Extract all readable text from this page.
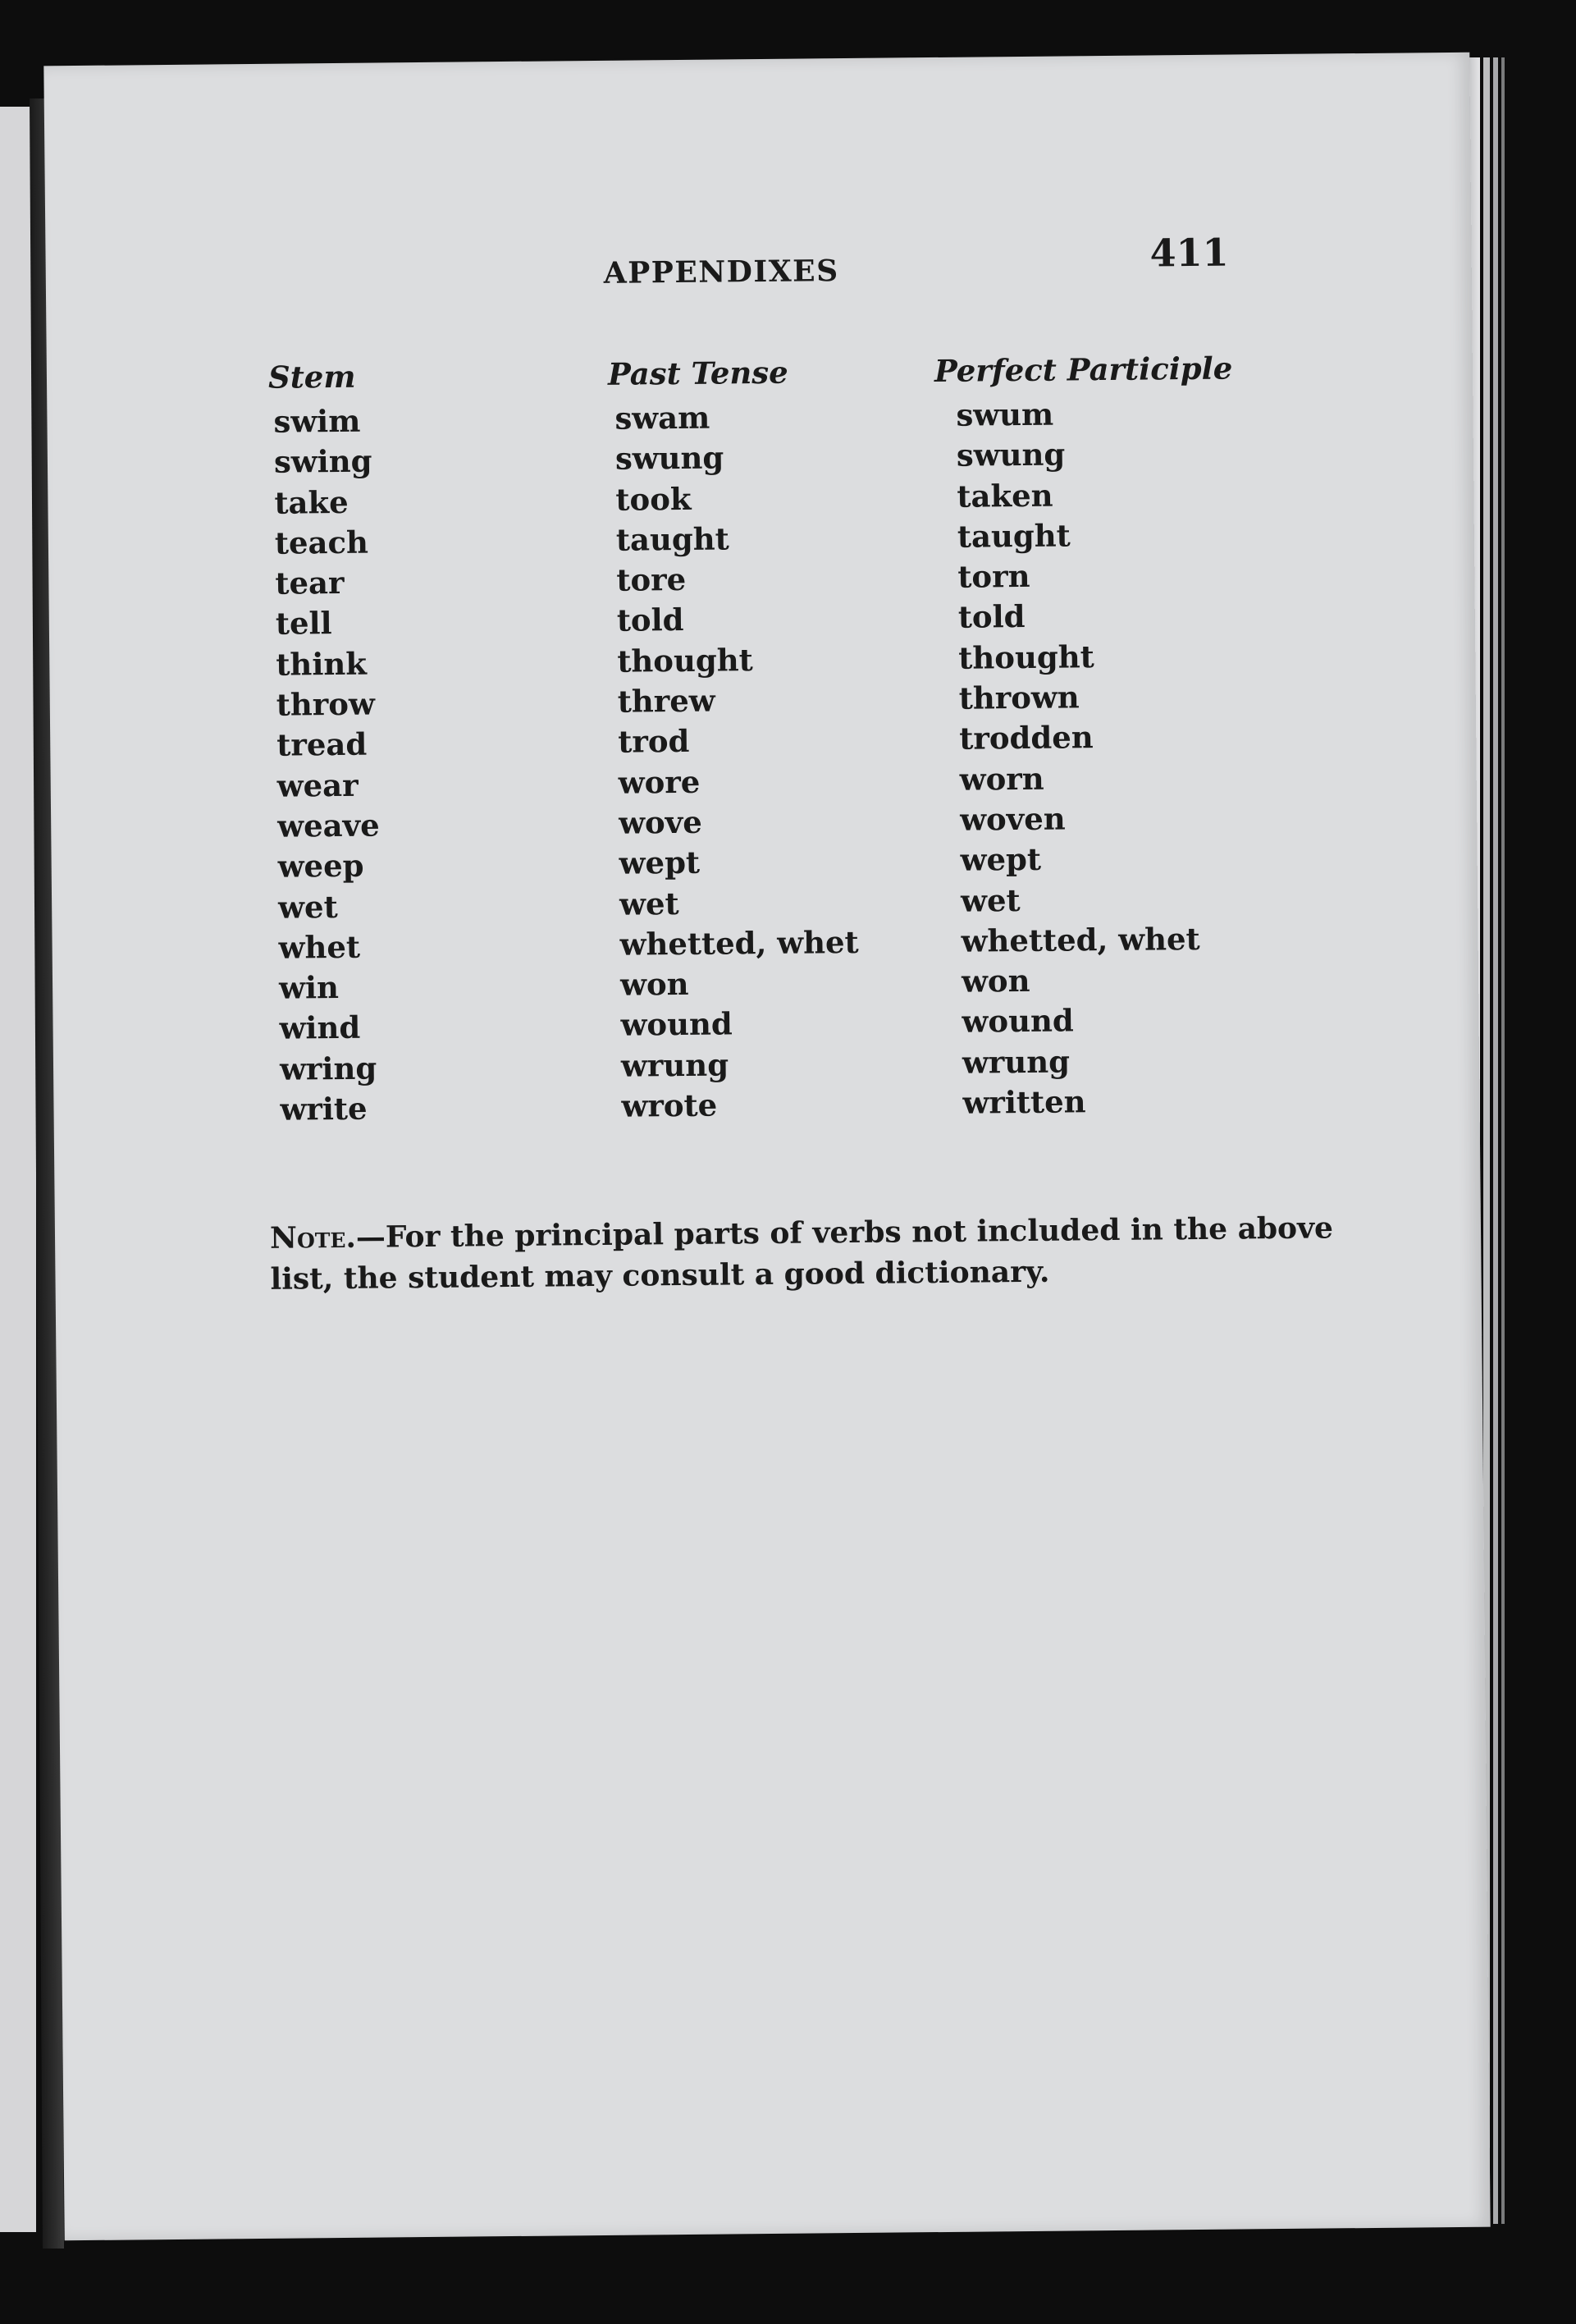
APPENDIXES	411
Stem
swim
swing
take
teach
tear
tell
think
throw
tread
wear
weave
weep
wet
whet
win
wind
wring
write
Past Tense
swam
swung
took
taught
tore
told
thought
threw
trod
wore
wove
wept
wet
whetted, whet
won
wound
wrung
wrote
Perfect Participle
swum
swung
taken
taught
torn
told
thought
thrown
trodden
worn
woven
wept
wet
whetted, whet
won
wound
wrung
written
Note.—For the principal parts of verbs not included in the above list, the student may consult a good dictionary.
